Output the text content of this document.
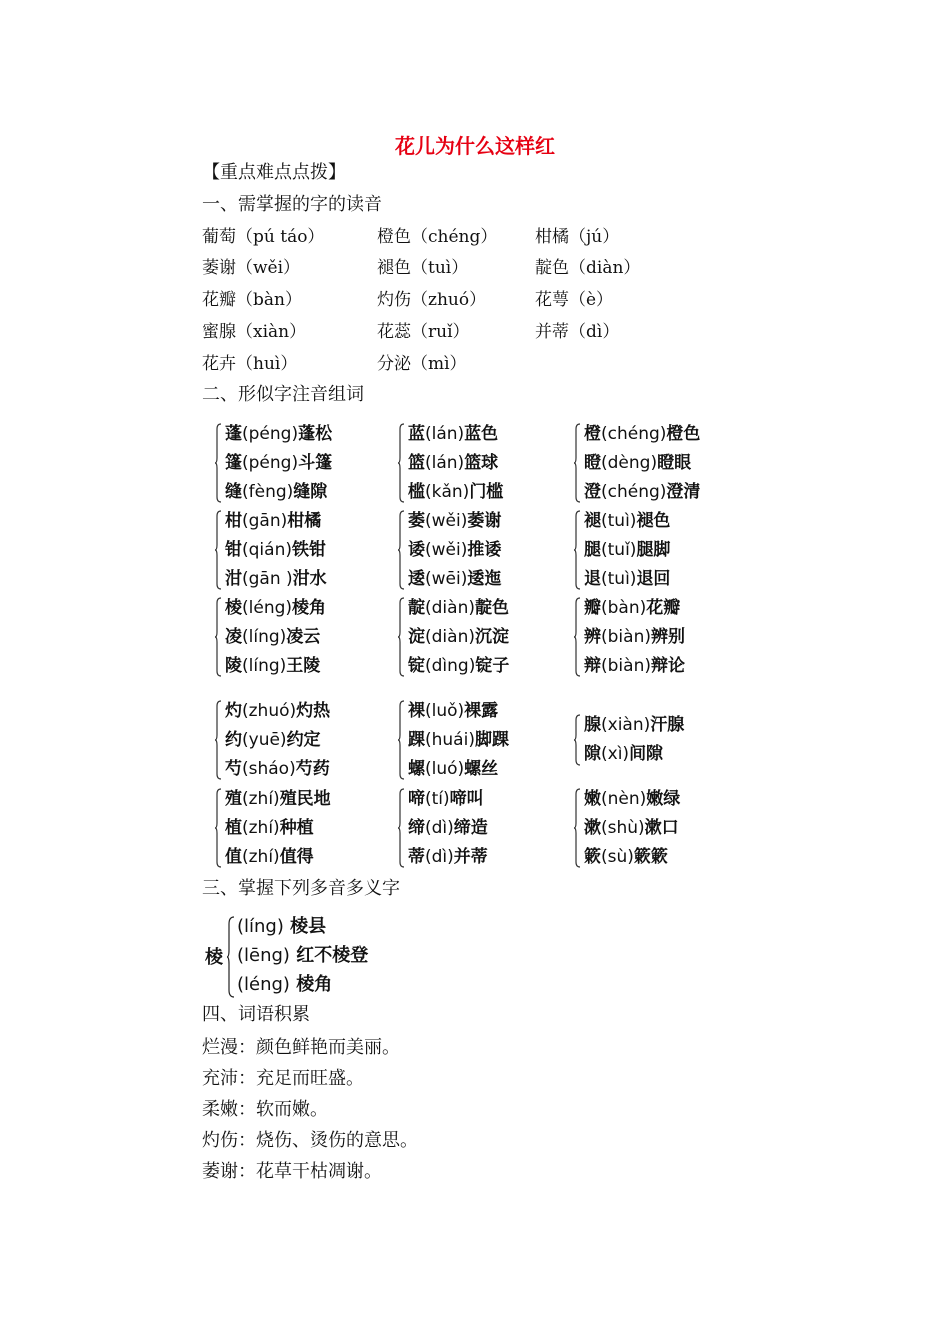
花儿为什么这样红
【重点难点点拨】
一、需掌握的字的读音
葡萄（pú táo）	橙色（chéng） 柑橘（jú）
萎谢（wěi）	褪色（tuì）	靛色（diàn）
花瓣（bàn）	灼伤（zhuó）	花萼（è）
蜜腺（xiàn）	花蕊（ruǐ）	并蒂（dì）
花卉（huì）	分泌（mì）
二、形似字注音组词
蓬(péng)蓬松
篷(péng)斗篷
缝(fèng)缝隙
蓝(lán)蓝色
篮(lán)篮球
槛(kǎn)门槛
橙(chéng)橙色
瞪(dèng)瞪眼
澄(chéng)澄清
柑(gān)柑橘
钳(qián)铁钳
泔(gān )泔水
萎(wěi)萎谢
诿(wěi)推诿
逶(wēi)逶迤
褪(tuì)褪色
腿(tuǐ)腿脚
退(tuì)退回
棱(léng)棱角
凌(líng)凌云
陵(líng)王陵
靛(diàn)靛色
淀(diàn)沉淀
锭(dìng)锭子
瓣(bàn)花瓣
辨(biàn)辨别
辩(biàn)辩论
灼(zhuó)灼热
约(yuē)约定
芍(sháo)芍药
裸(luǒ)裸露
踝(huái)脚踝
螺(luó)螺丝
腺(xiàn)汗腺
隙(xì)间隙
殖(zhí)殖民地
植(zhí)种植
值(zhí)值得
啼(tí)啼叫
缔(dì)缔造
蒂(dì)并蒂
嫩(nèn)嫩绿
漱(shù)漱口
簌(sù)簌簌
三、掌握下列多音多义字
棱
(líng) 棱县
(lēng) 红不棱登
(léng) 棱角
四、词语积累
烂漫：颜色鲜艳而美丽。
充沛：充足而旺盛。
柔嫩：软而嫩。
灼伤：烧伤、烫伤的意思。
萎谢：花草干枯凋谢。
